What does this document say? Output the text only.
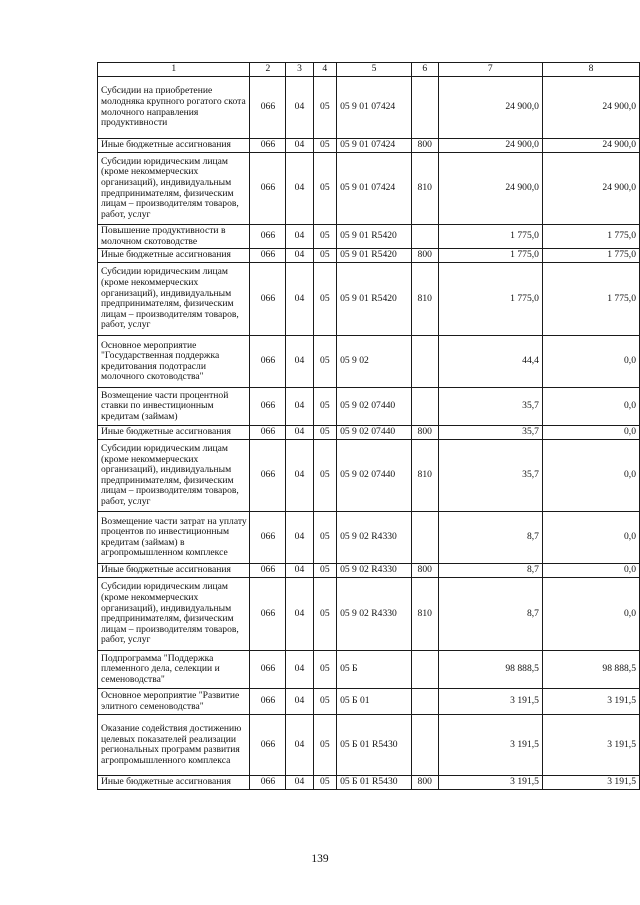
1	2	3	4	5	6	7	8
Субсидии на приобретение молодняка крупного рогатого скота молочного направления продуктивности	066	04	05	05 9 01 07424		24 900,0	24 900,0
Иные бюджетные ассигнования	066	04	05	05 9 01 07424	800	24 900,0	24 900,0
Субсидии юридическим лицам (кроме некоммерческих организаций), индивидуальным предпринимателям, физическим лицам – производителям товаров, работ, услуг	066	04	05	05 9 01 07424	810	24 900,0	24 900,0
Повышение продуктивности в молочном скотоводстве	066	04	05	05 9 01 R5420		1 775,0	1 775,0
Иные бюджетные ассигнования	066	04	05	05 9 01 R5420	800	1 775,0	1 775,0
Субсидии юридическим лицам (кроме некоммерческих организаций), индивидуальным предпринимателям, физическим лицам – производителям товаров, работ, услуг	066	04	05	05 9 01 R5420	810	1 775,0	1 775,0
Основное мероприятие "Государственная поддержка кредитования подотрасли молочного скотоводства"	066	04	05	05 9 02		44,4	0,0
Возмещение части процентной ставки по инвестиционным кредитам (займам)	066	04	05	05 9 02 07440		35,7	0,0
Иные бюджетные ассигнования	066	04	05	05 9 02 07440	800	35,7	0,0
Субсидии юридическим лицам (кроме некоммерческих организаций), индивидуальным предпринимателям, физическим лицам – производителям товаров, работ, услуг	066	04	05	05 9 02 07440	810	35,7	0,0
Возмещение части затрат на уплату процентов по инвестиционным кредитам (займам) в агропромышленном комплексе	066	04	05	05 9 02 R4330		8,7	0,0
Иные бюджетные ассигнования	066	04	05	05 9 02 R4330	800	8,7	0,0
Субсидии юридическим лицам (кроме некоммерческих организаций), индивидуальным предпринимателям, физическим лицам – производителям товаров, работ, услуг	066	04	05	05 9 02 R4330	810	8,7	0,0
Подпрограмма "Поддержка племенного дела, селекции и семеноводства"	066	04	05	05 Б		98 888,5	98 888,5
Основное мероприятие "Развитие элитного семеноводства"	066	04	05	05 Б 01		3 191,5	3 191,5
Оказание содействия достижению целевых показателей реализации региональных программ развития агропромышленного комплекса	066	04	05	05 Б 01 R5430		3 191,5	3 191,5
Иные бюджетные ассигнования	066	04	05	05 Б 01 R5430	800	3 191,5	3 191,5
139
